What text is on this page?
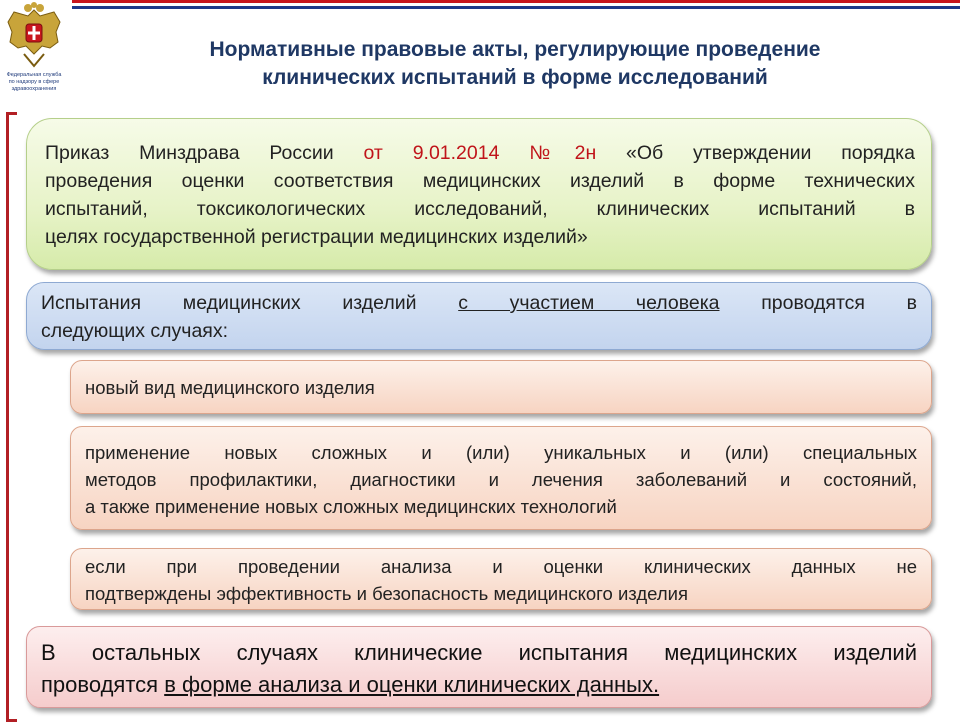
Федеральная служба
по надзору в сфере
здравоохранения
Нормативные правовые акты, регулирующие проведение
клинических испытаний в форме исследований
Приказ Минздрава России от 9.01.2014 №2н «Об утверждении порядка
проведения оценки соответствия медицинских изделий в форме технических
испытаний, токсикологических исследований, клинических испытаний в
целях государственной регистрации медицинских изделий»
Испытания медицинских изделий с участием человека проводятся в
следующих случаях:
новый вид медицинского изделия
применение новых сложных и (или) уникальных и (или) специальных
методов профилактики, диагностики и лечения заболеваний и состояний,
а также применение новых сложных медицинских технологий
если при проведении анализа и оценки клинических данных не
подтверждены эффективность и безопасность медицинского изделия
В остальных случаях клинические испытания медицинских изделий
проводятся в форме анализа и оценки клинических данных.
